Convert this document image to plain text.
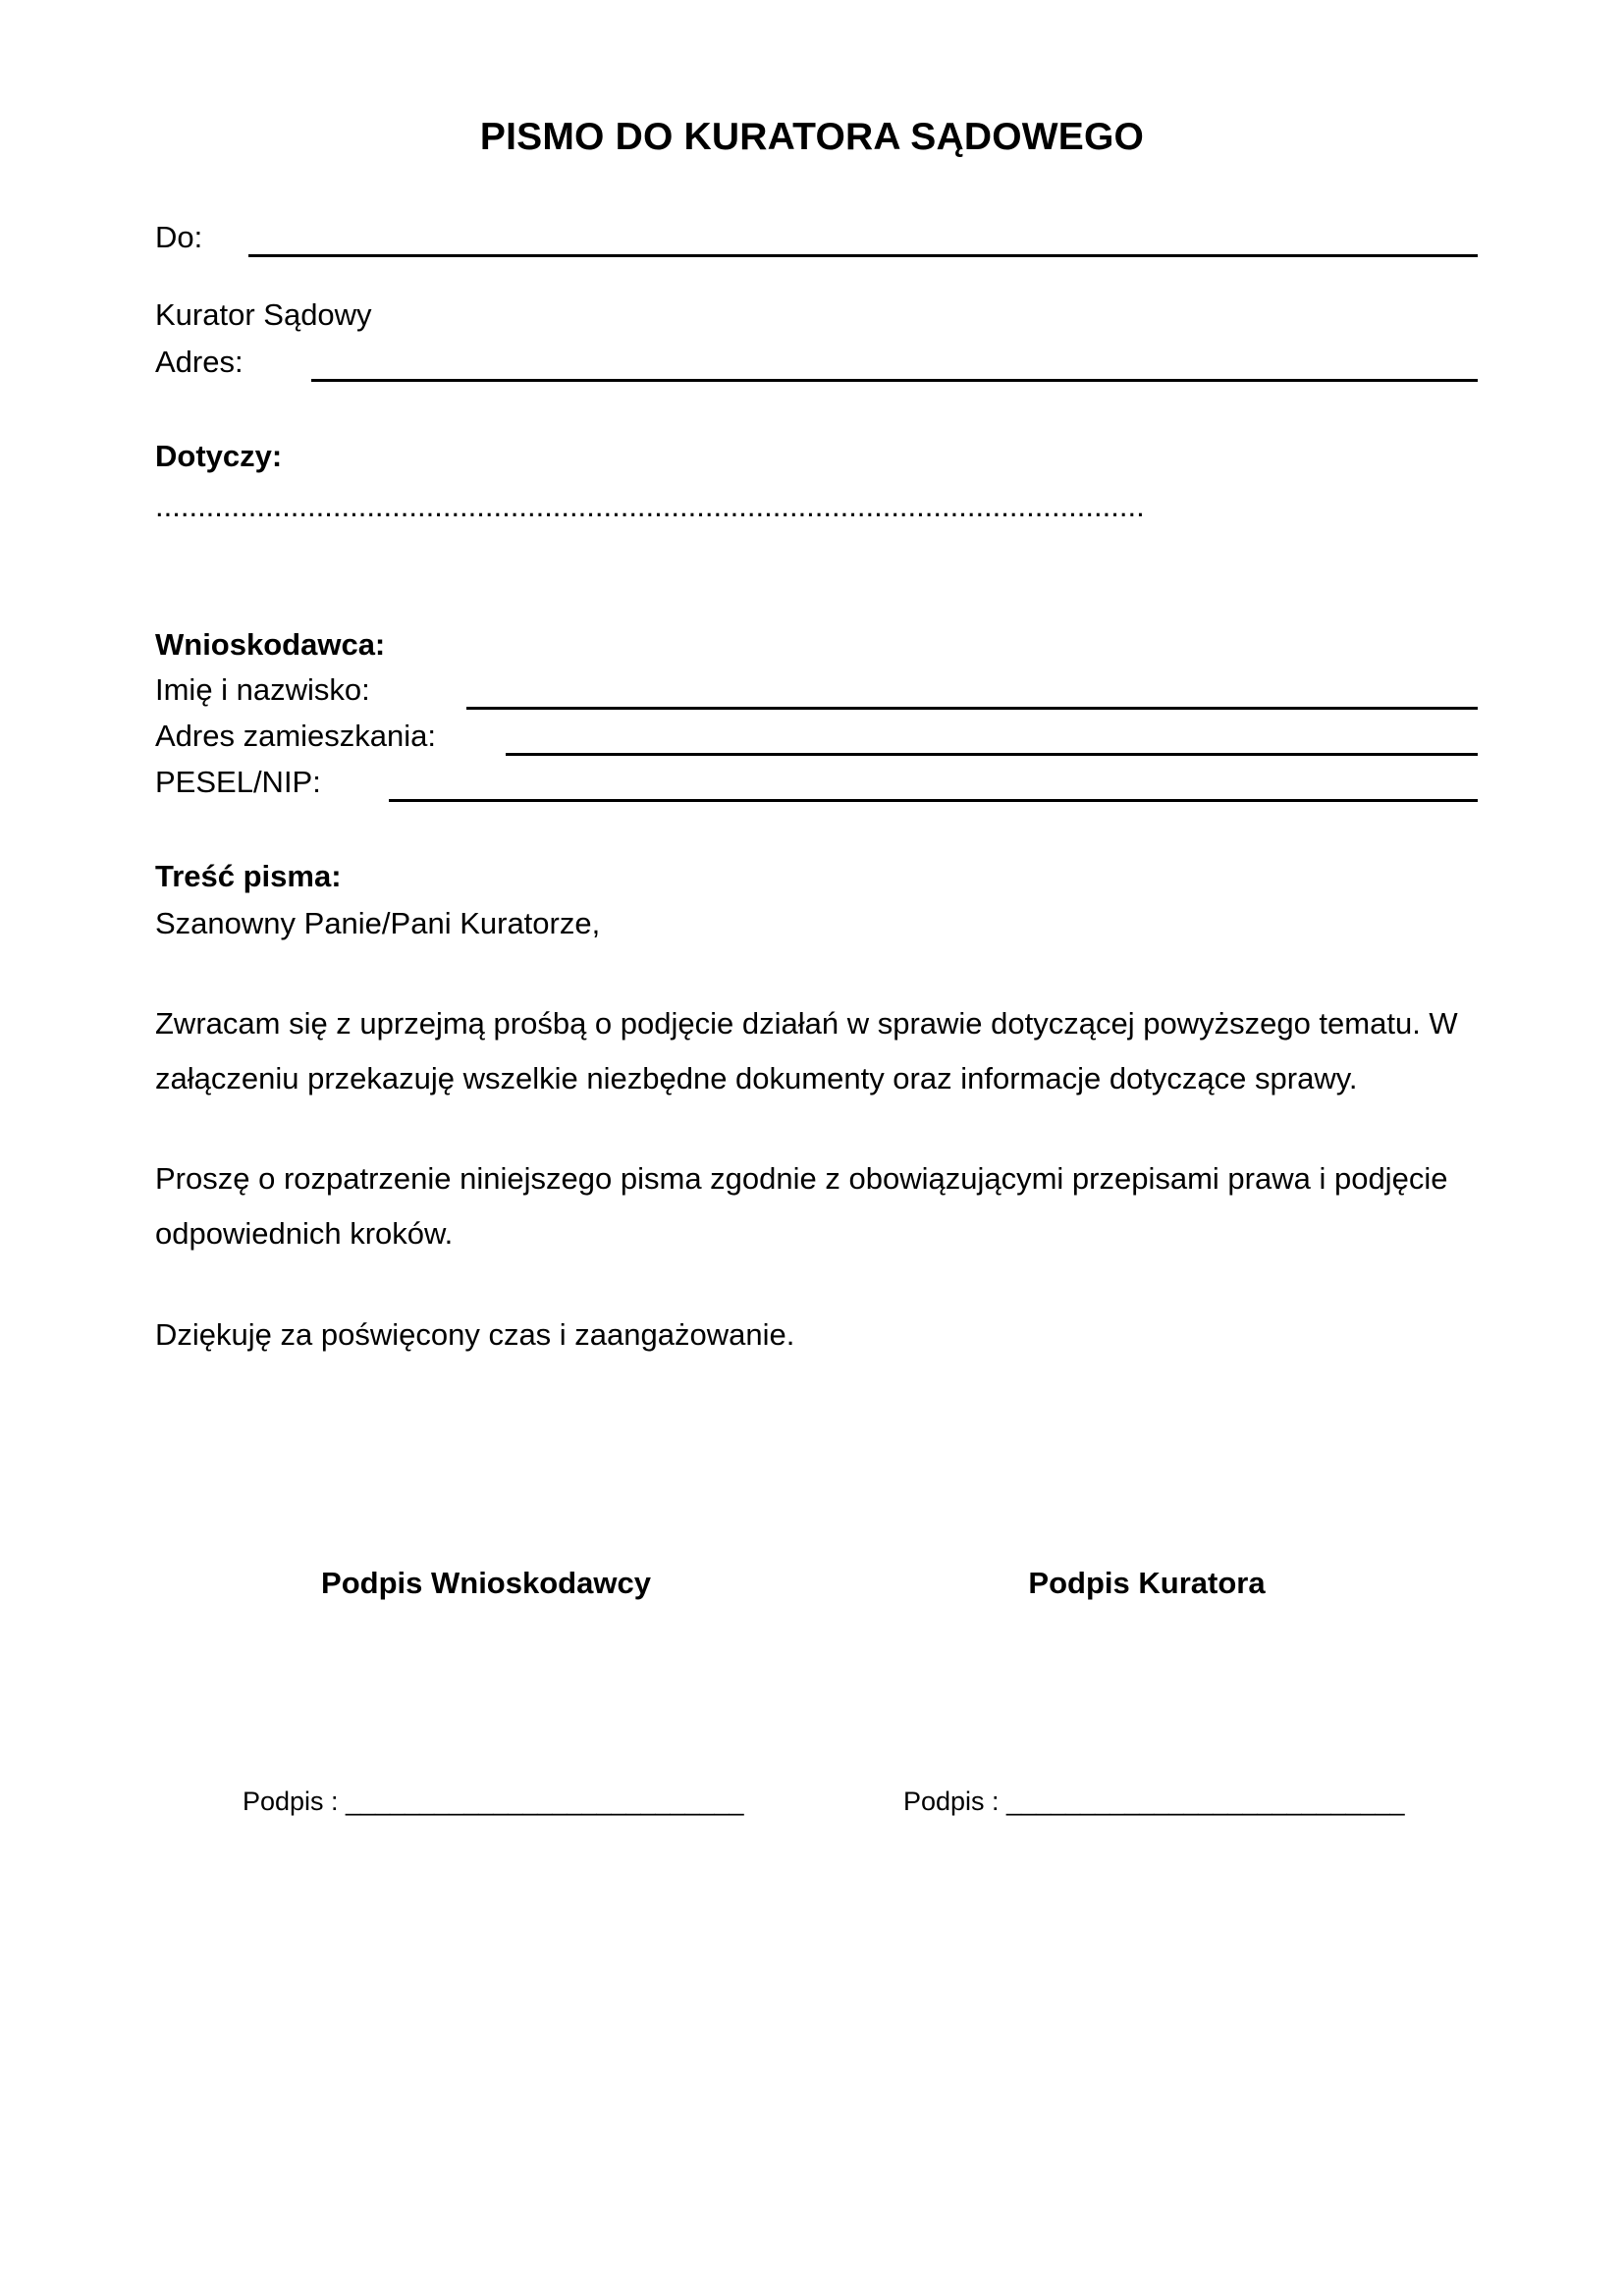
PISMO DO KURATORA SĄDOWEGO
Do:
Kurator Sądowy
Adres:
Dotyczy:
.....................................................................................................................
Wnioskodawca:
Imię i nazwisko:
Adres zamieszkania:
PESEL/NIP:
Treść pisma:
Szanowny Panie/Pani Kuratorze,
Zwracam się z uprzejmą prośbą o podjęcie działań w sprawie dotyczącej powyższego tematu. W
załączeniu przekazuję wszelkie niezbędne dokumenty oraz informacje dotyczące sprawy.
Proszę o rozpatrzenie niniejszego pisma zgodnie z obowiązującymi przepisami prawa i podjęcie
odpowiednich kroków.
Dziękuję za poświęcony czas i zaangażowanie.
Podpis Wnioskodawcy	Podpis Kuratora
Podpis : ___________________________	Podpis : ___________________________
